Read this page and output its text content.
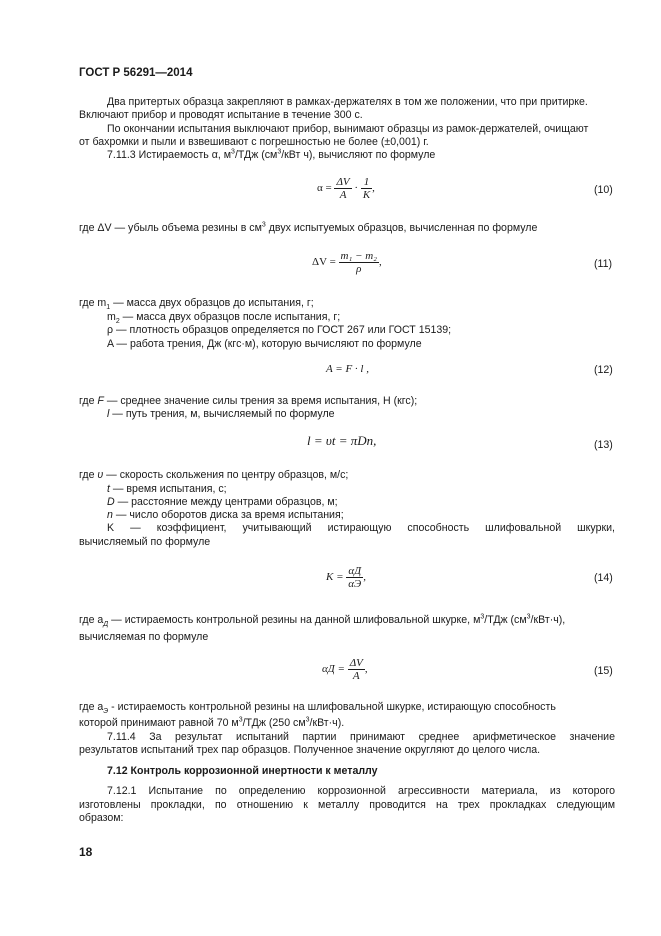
ГОСТ Р 56291—2014
Два притертых образца закрепляют в рамках-держателях в том же положении, что при притирке.
Включают прибор и проводят испытание в течение 300 с.
По окончании испытания выключают прибор, вынимают образцы из рамок-держателей, очищают
от бахромки и пыли и взвешивают с погрешностью не более (±0,001) г.
7.11.3 Истираемость α, $м^3$/ТДж ($см^3$/кВт ч), вычисляют по формуле
$\alpha = \frac{\Delta V}{A} \cdot \frac{1}{K}$ ,	(10)
где ΔV — убыль объема резины в $см^3$ двух испытуемых образцов, вычисленная по формуле
$\Delta V = \frac{\text{m₁ − m₂}}{\rho}$ ,	(11)
где $m_1$ — масса двух образцов до испытания, г;
$m_2$ — масса двух образцов после испытания, г;
ρ — плотность образцов определяется по ГОСТ 267 или ГОСТ 15139;
A — работа трения, Дж (кгс·м), которую вычисляют по формуле
A = F · l ,	(12)
где F — среднее значение силы трения за время испытания, Н (кгс);
l — путь трения, м, вычисляемый по формуле
l = υt = πDn,	(13)
где υ — скорость скольжения по центру образцов, м/с;
t — время испытания, с;
D — расстояние между центрами образцов, м;
n — число оборотов диска за время испытания;
K — коэффициент, учитывающий истирающую способность шлифовальной шкурки,
вычисляемый по формуле
$K = \frac{\alpha Д}{\alpha Э}$ ,	(14)
где $a_Д$ — истираемость контрольной резины на данной шлифовальной шкурке, $м^3$/ТДж $(см^3/кВт\cdot ч)$,
вычисляемая по формуле
$\alpha Д = \frac{\Delta V}{A}$ ,	(15)
где $a_Э$ - истираемость контрольной резины на шлифовальной шкурке, истирающую способность
которой принимают равной 70 $м^3$/ТДж (250 $см^3/кВт\cdot ч$).
7.11.4 За результат испытаний партии принимают среднее арифметическое значение
результатов испытаний трех пар образцов. Полученное значение округляют до целого числа.
7.12 Контроль коррозионной инертности к металлу
7.12.1 Испытание по определению коррозионной агрессивности материала, из которого
изготовлены прокладки, по отношению к металлу проводится на трех прокладках следующим
образом:
18
